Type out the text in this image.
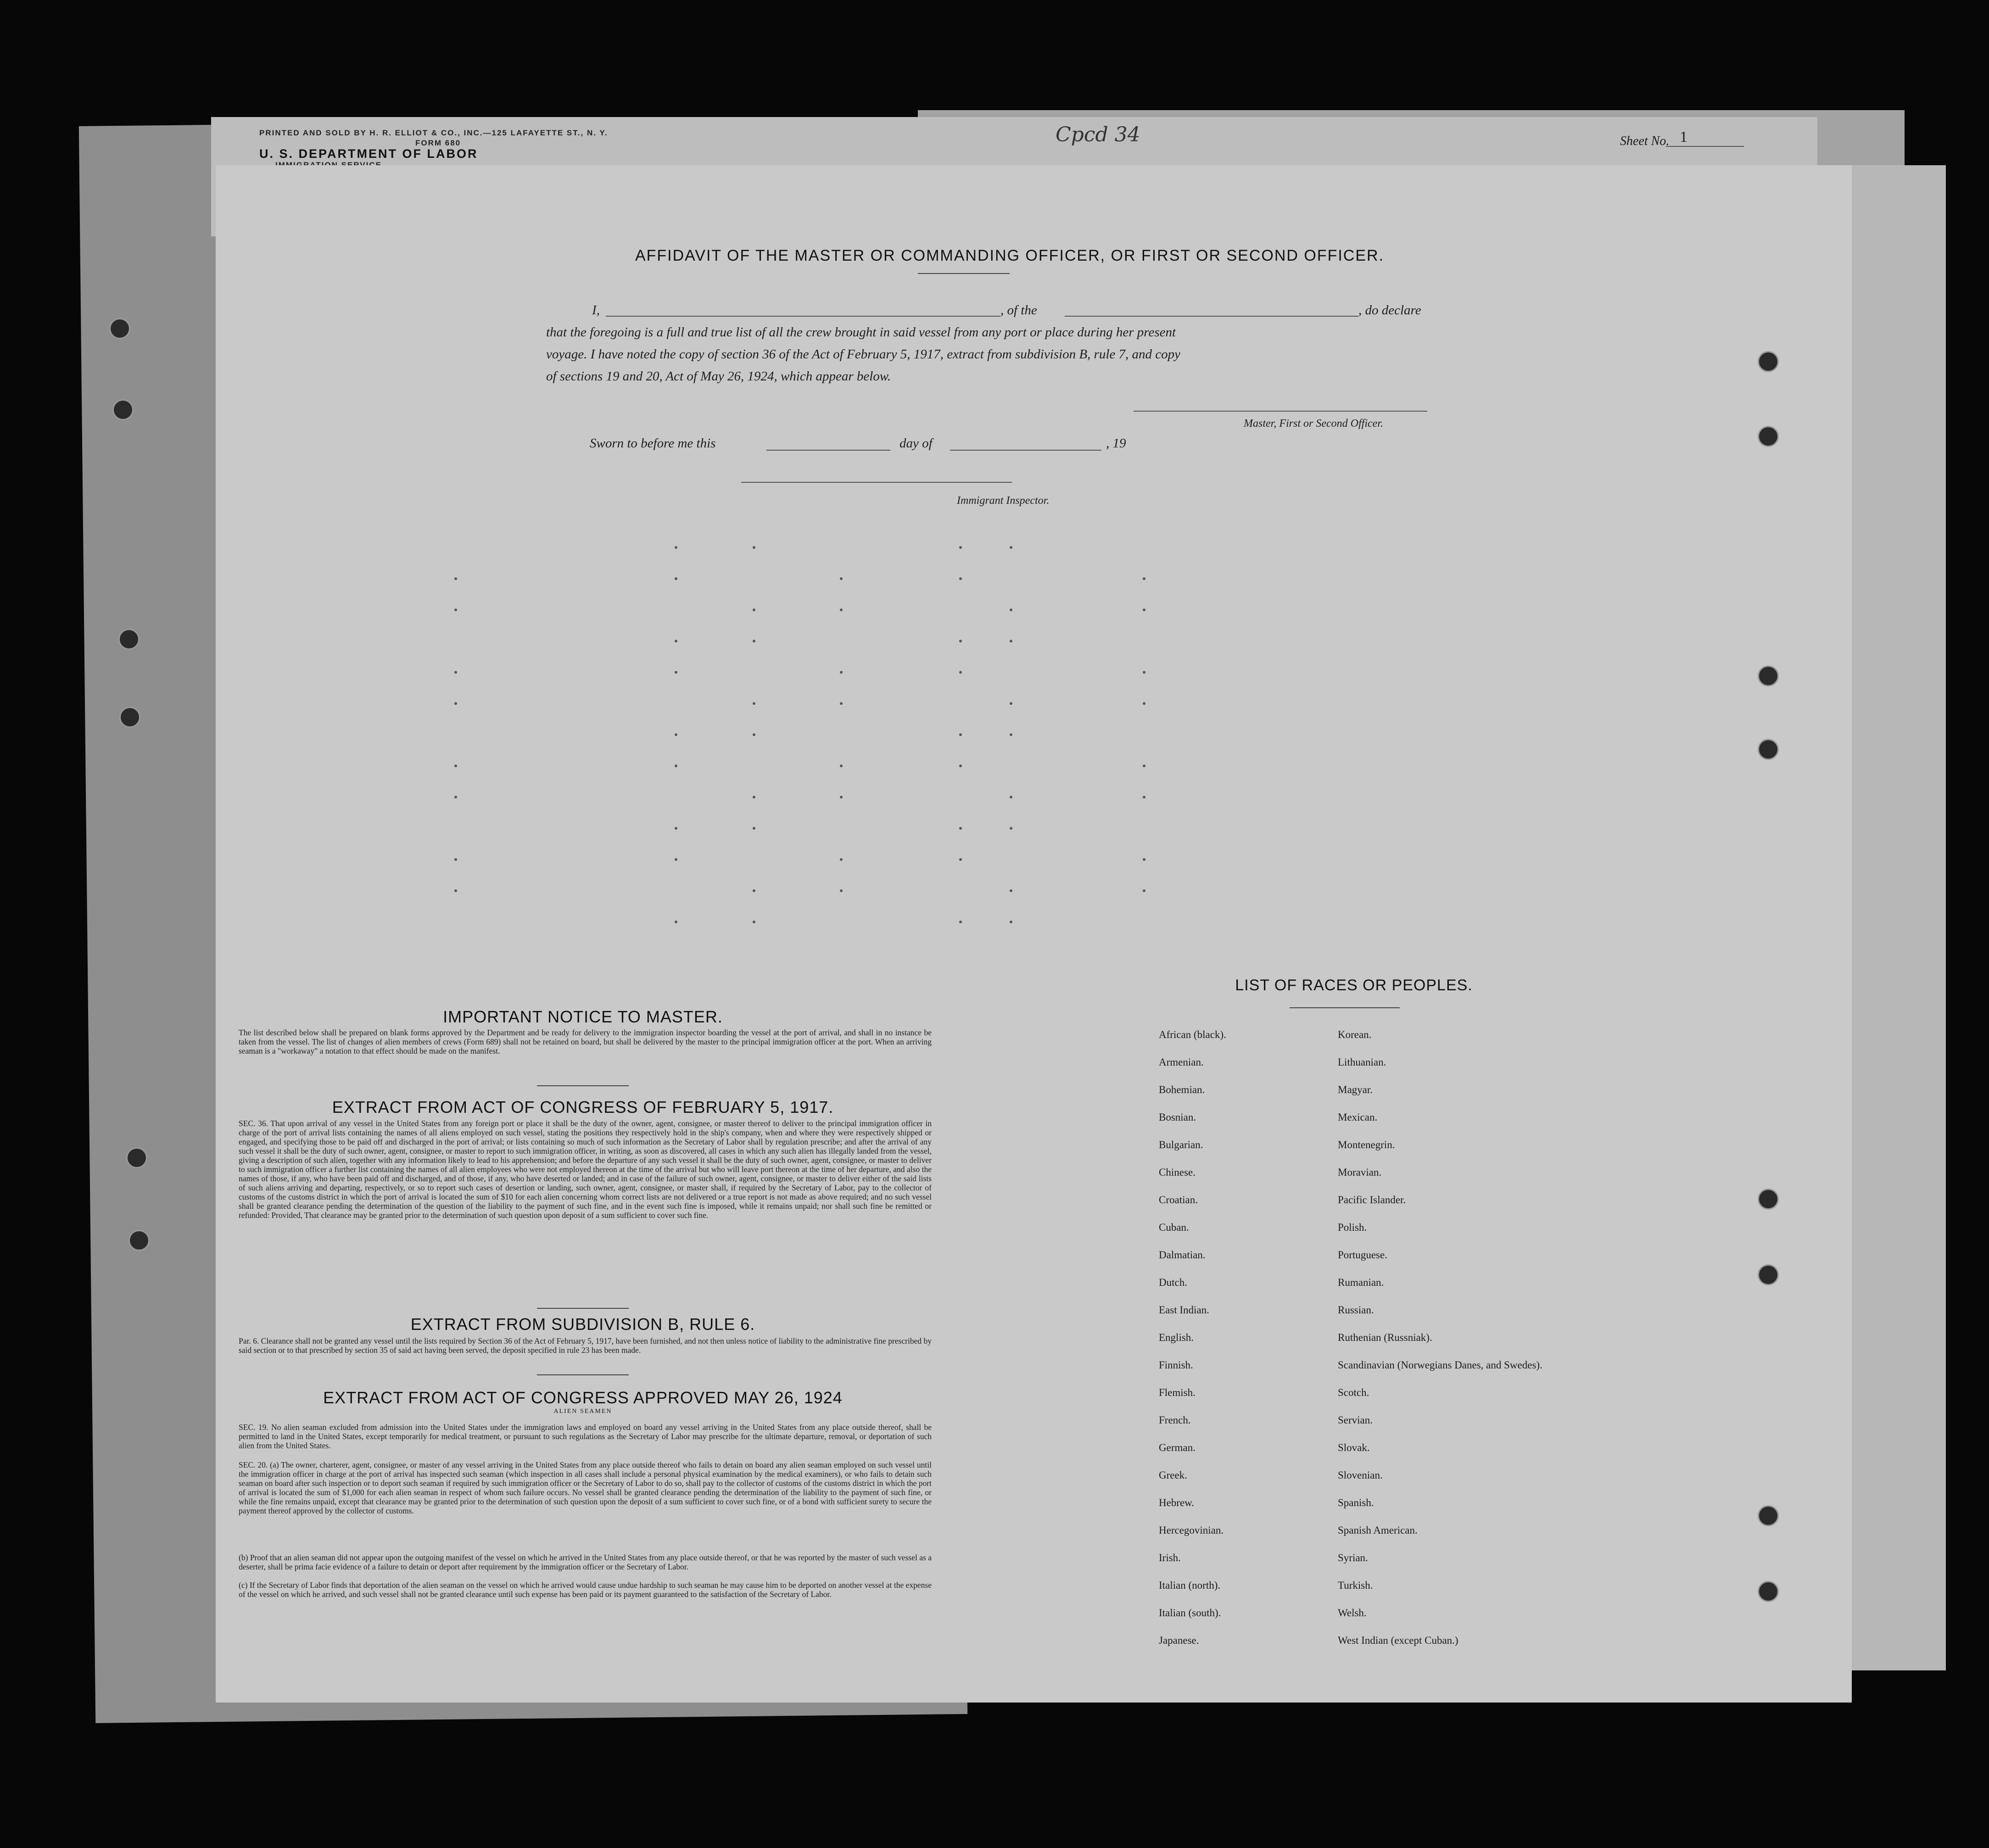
PRINTED AND SOLD BY H. R. ELLIOT & CO., INC.—125 LAFAYETTE ST., N. Y.
FORM 680
U. S. DEPARTMENT OF LABOR
Cpcd 34	Sheet No. 1
AFFIDAVIT OF THE MASTER OR COMMANDING OFFICER, OR FIRST OR SECOND OFFICER.
I,	, of the	, do declare
that the foregoing is a full and true list of all the crew brought in said vessel from any port or place during her present
voyage. I have noted the copy of section 36 of the Act of February 5, 1917, extract from subdivision B, rule 7, and copy
of sections 19 and 20, Act of May 26, 1924, which appear below.
Master, First or Second Officer.
Sworn to before me this	day of	, 19
Immigrant Inspector.
IMPORTANT NOTICE TO MASTER.
The list described below shall be prepared on blank forms approved by the Department and be ready for delivery to the immigration inspector boarding the vessel at the port of arrival, and shall in no instance be taken from the vessel. The list of changes of alien members of crews (Form 689) shall not be retained on board, but shall be delivered by the master to the principal immigration officer at the port. When an arriving seaman is a "workaway" a notation to that effect should be made on the manifest.
EXTRACT FROM ACT OF CONGRESS OF FEBRUARY 5, 1917.
SEC. 36. That upon arrival of any vessel in the United States from any foreign port or place it shall be the duty of the owner, agent, consignee, or master thereof to deliver to the principal immigration officer in charge of the port of arrival lists containing the names of all aliens employed on such vessel, stating the positions they respectively hold in the ship's company, when and where they were respectively shipped or engaged, and specifying those to be paid off and discharged in the port of arrival; or lists containing so much of such information as the Secretary of Labor shall by regulation prescribe; and after the arrival of any such vessel it shall be the duty of such owner, agent, consignee, or master to report to such immigration officer, in writing, as soon as discovered, all cases in which any such alien has illegally landed from the vessel, giving a description of such alien, together with any information likely to lead to his apprehension; and before the departure of any such vessel it shall be the duty of such owner, agent, consignee, or master to deliver to such immigration officer a further list containing the names of all alien employees who were not employed thereon at the time of the arrival but who will leave port thereon at the time of her departure, and also the names of those, if any, who have been paid off and discharged, and of those, if any, who have deserted or landed; and in case of the failure of such owner, agent, consignee, or master to deliver either of the said lists of such aliens arriving and departing, respectively, or so to report such cases of desertion or landing, such owner, agent, consignee, or master shall, if required by the Secretary of Labor, pay to the collector of customs of the customs district in which the port of arrival is located the sum of $10 for each alien concerning whom correct lists are not delivered or a true report is not made as above required; and no such vessel shall be granted clearance pending the determination of the question of the liability to the payment of such fine, and in the event such fine is imposed, while it remains unpaid; nor shall such fine be remitted or refunded: Provided, That clearance may be granted prior to the determination of such question upon deposit of a sum sufficient to cover such fine.
EXTRACT FROM SUBDIVISION B, RULE 6.
Par. 6. Clearance shall not be granted any vessel until the lists required by Section 36 of the Act of February 5, 1917, have been furnished, and not then unless notice of liability to the administrative fine prescribed by said section or to that prescribed by section 35 of said act having been served, the deposit specified in rule 23 has been made.
EXTRACT FROM ACT OF CONGRESS APPROVED MAY 26, 1924
ALIEN SEAMEN
SEC. 19. No alien seaman excluded from admission into the United States under the immigration laws and employed on board any vessel arriving in the United States from any place outside thereof, shall be permitted to land in the United States, except temporarily for medical treatment, or pursuant to such regulations as the Secretary of Labor may prescribe for the ultimate departure, removal, or deportation of such alien from the United States.
SEC. 20. (a) The owner, charterer, agent, consignee, or master of any vessel arriving in the United States from any place outside thereof who fails to detain on board any alien seaman employed on such vessel until the immigration officer in charge at the port of arrival has inspected such seaman (which inspection in all cases shall include a personal physical examination by the medical examiners), or who fails to detain such seaman on board after such inspection or to deport such seaman if required by such immigration officer or the Secretary of Labor to do so, shall pay to the collector of customs of the customs district in which the port of arrival is located the sum of $1,000 for each alien seaman in respect of whom such failure occurs. No vessel shall be granted clearance pending the determination of the liability to the payment of such fine, or while the fine remains unpaid, except that clearance may be granted prior to the determination of such question upon the deposit of a sum sufficient to cover such fine, or of a bond with sufficient surety to secure the payment thereof approved by the collector of customs.
(b) Proof that an alien seaman did not appear upon the outgoing manifest of the vessel on which he arrived in the United States from any place outside thereof, or that he was reported by the master of such vessel as a deserter, shall be prima facie evidence of a failure to detain or deport after requirement by the immigration officer or the Secretary of Labor.
(c) If the Secretary of Labor finds that deportation of the alien seaman on the vessel on which he arrived would cause undue hardship to such seaman he may cause him to be deported on another vessel at the expense of the vessel on which he arrived, and such vessel shall not be granted clearance until such expense has been paid or its payment guaranteed to the satisfaction of the Secretary of Labor.
LIST OF RACES OR PEOPLES.
African (black).	Korean.
Armenian.	Lithuanian.
Bohemian.	Magyar.
Bosnian.	Mexican.
Bulgarian.	Montenegrin.
Chinese.	Moravian.
Croatian.	Pacific Islander.
Cuban.	Polish.
Dalmatian.	Portuguese.
Dutch.	Rumanian.
East Indian.	Russian.
English.	Ruthenian (Russniak).
Finnish.	Scandinavian (Norwegians Danes, and Swedes).
Flemish.	Scotch.
French.	Servian.
German.	Slovak.
Greek.	Slovenian.
Hebrew.	Spanish.
Hercegovinian.	Spanish American.
Irish.	Syrian.
Italian (north).	Turkish.
Italian (south).	Welsh.
Japanese.	West Indian (except Cuban.)
